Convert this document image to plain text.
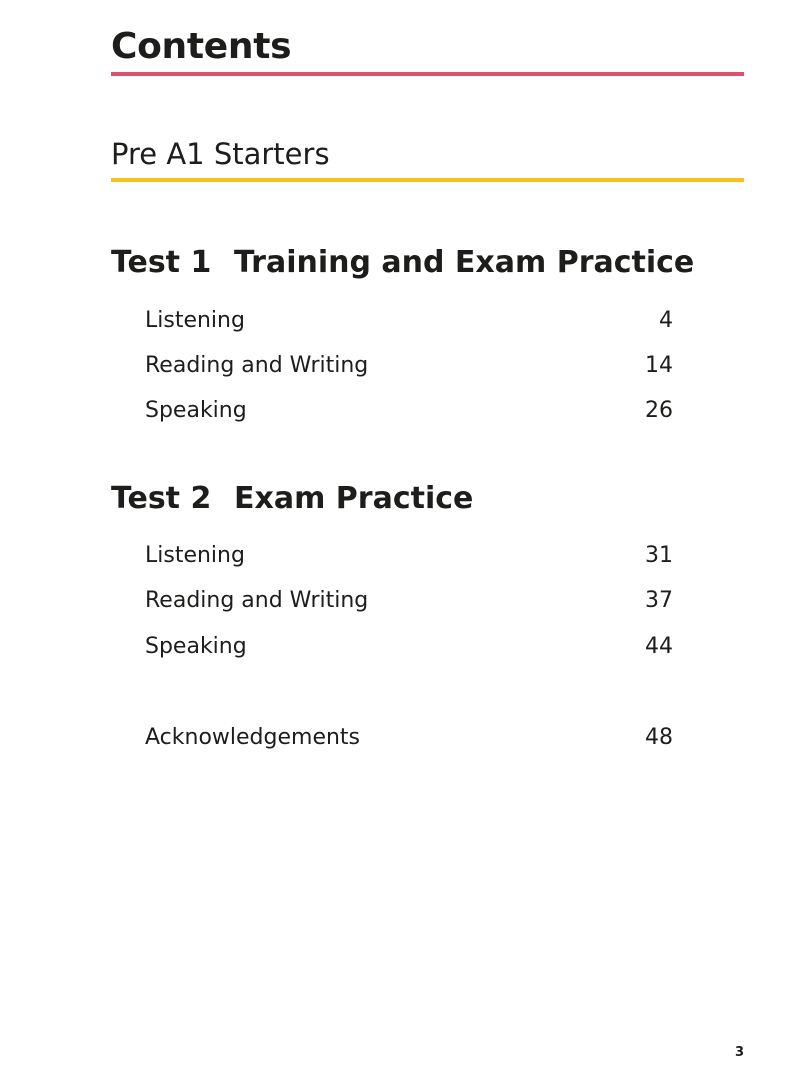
Contents
Pre A1 Starters
Test 1 Training and Exam Practice
Listening	4
Reading and Writing	14
Speaking	26
Test 2 Exam Practice
Listening	31
Reading and Writing	37
Speaking	44
Acknowledgements	48
3
